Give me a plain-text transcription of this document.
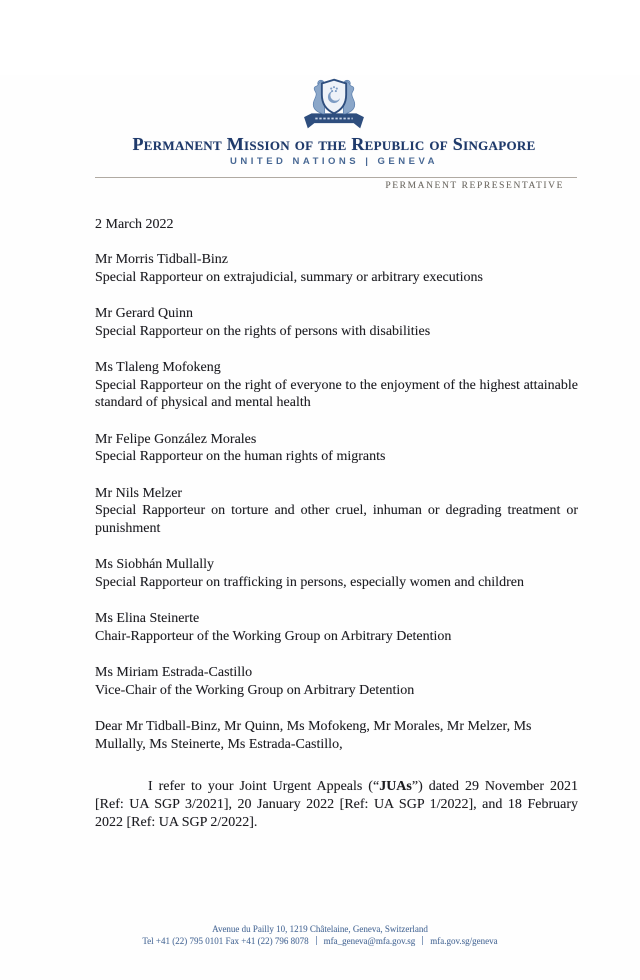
Permanent Mission of the Republic of Singapore
UNITED NATIONS | GENEVA
PERMANENT REPRESENTATIVE
2 March 2022
Mr Morris Tidball-Binz
Special Rapporteur on extrajudicial, summary or arbitrary executions
Mr Gerard Quinn
Special Rapporteur on the rights of persons with disabilities
Ms Tlaleng Mofokeng
Special Rapporteur on the right of everyone to the enjoyment of the highest attainable standard of physical and mental health
Mr Felipe González Morales
Special Rapporteur on the human rights of migrants
Mr Nils Melzer
Special Rapporteur on torture and other cruel, inhuman or degrading treatment or punishment
Ms Siobhán Mullally
Special Rapporteur on trafficking in persons, especially women and children
Ms Elina Steinerte
Chair-Rapporteur of the Working Group on Arbitrary Detention
Ms Miriam Estrada-Castillo
Vice-Chair of the Working Group on Arbitrary Detention
Dear Mr Tidball-Binz, Mr Quinn, Ms Mofokeng, Mr Morales, Mr Melzer, Ms Mullally, Ms Steinerte, Ms Estrada-Castillo,

I refer to your Joint Urgent Appeals (“JUAs”) dated 29 November 2021 [Ref: UA SGP 3/2021], 20 January 2022 [Ref: UA SGP 1/2022], and 18 February 2022 [Ref: UA SGP 2/2022].

Avenue du Pailly 10, 1219 Châtelaine, Geneva, Switzerland
Tel +41 (22) 795 0101 Fax +41 (22) 796 8078 mfa_geneva@mfa.gov.sg mfa.gov.sg/geneva
